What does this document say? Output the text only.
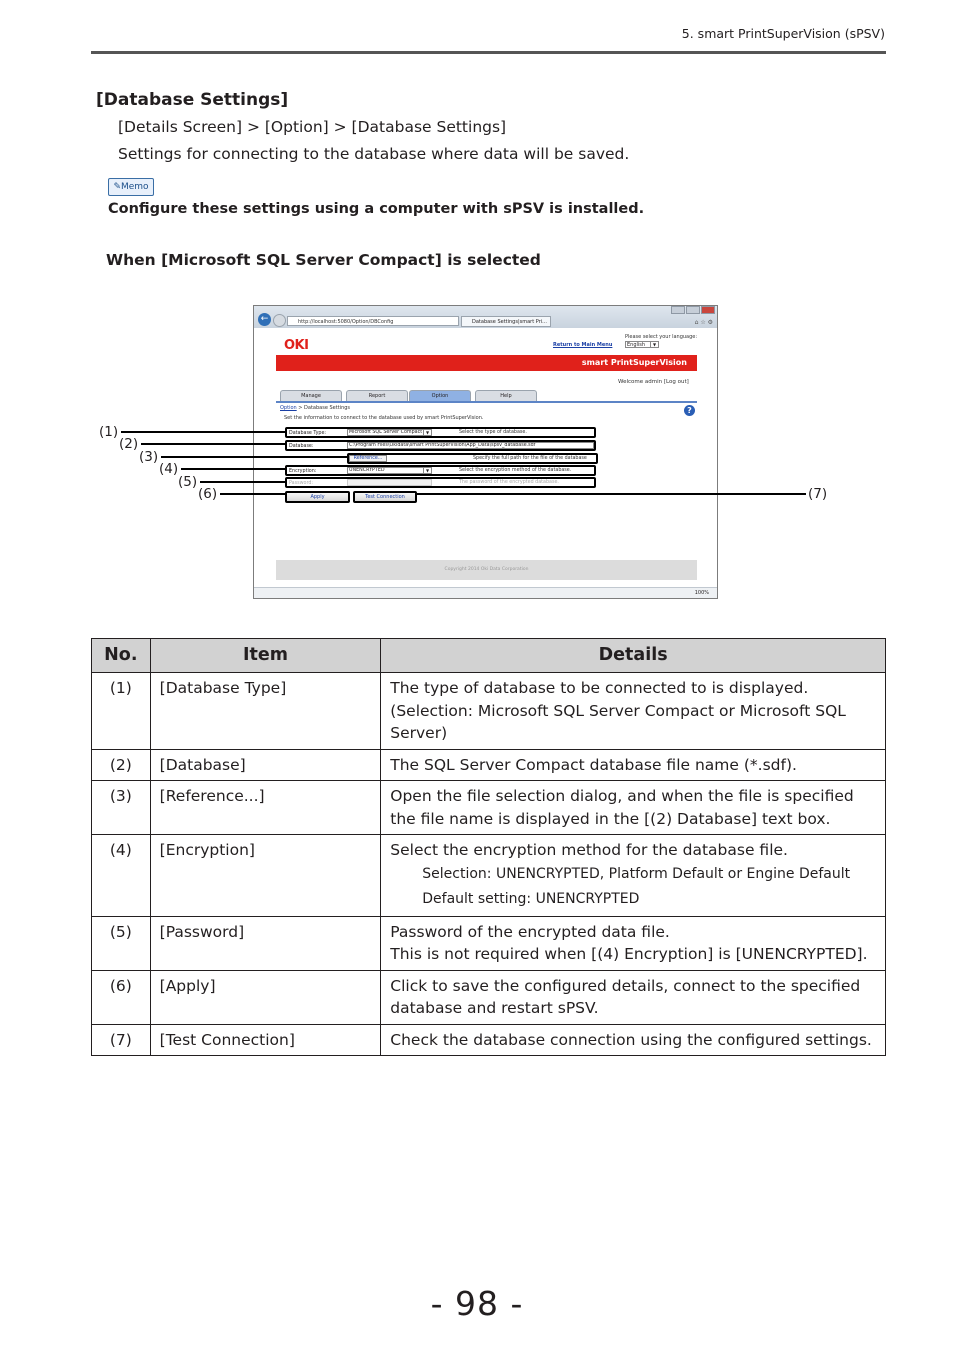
5. smart PrintSuperVision (sPSV)
[Database Settings]
[Details Screen] > [Option] > [Database Settings]
Settings for connecting to the database where data will be saved.
✎ Memo
Configure these settings using a computer with sPSV is installed.
When [Microsoft SQL Server Compact] is selected
←	http://localhost:5080/Option/DBConfig	Database Settings|smart Pri...	⌂ ☆ ⚙
OKI	Return to Main Menu
Please select your language:
English	▼
smart PrintSuperVision
Welcome admin [Log out]
Manage	Report	Option	Help
Option > Database Settings	?
Set the information to connect to the database used by smart PrintSuperVision.
Database Type:	Microsoft SQL Server Compact ▼	Select the type of database.
Database:	C:\Program Files\Okidata\smart PrintSuperVision\App_Data\spsv_database.sdf
Reference...	Specify the full path for the file of the database
Encryption:	UNENCRYPTED	▼	Select the encryption method of the database.
Password:	The password of the encrypted database.
Apply	Test Connection
Copyright 2014 Oki Data Corporation
100%
(1)
(2)
(3)
(4)
(5)
(6)	(7)
No.	Item	Details
(1)	[Database Type]	The type of database to be connected to is displayed. (Selection: Microsoft SQL Server Compact or Microsoft SQL Server)
(2)	[Database]	The SQL Server Compact database file name (*.sdf).
(3)	[Reference...]	Open the file selection dialog, and when the file is specified the file name is displayed in the [(2) Database] text box.
(4)	[Encryption]	Select the encryption method for the database file.
Selection: UNENCRYPTED, Platform Default or Engine Default
Default setting: UNENCRYPTED

(5)	[Password]	Password of the encrypted data file.
This is not required when [(4) Encryption] is [UNENCRYPTED].
(6)	[Apply]	Click to save the configured details, connect to the specified database and restart sPSV.
(7)	[Test Connection]	Check the database connection using the configured settings.
- 98 -
